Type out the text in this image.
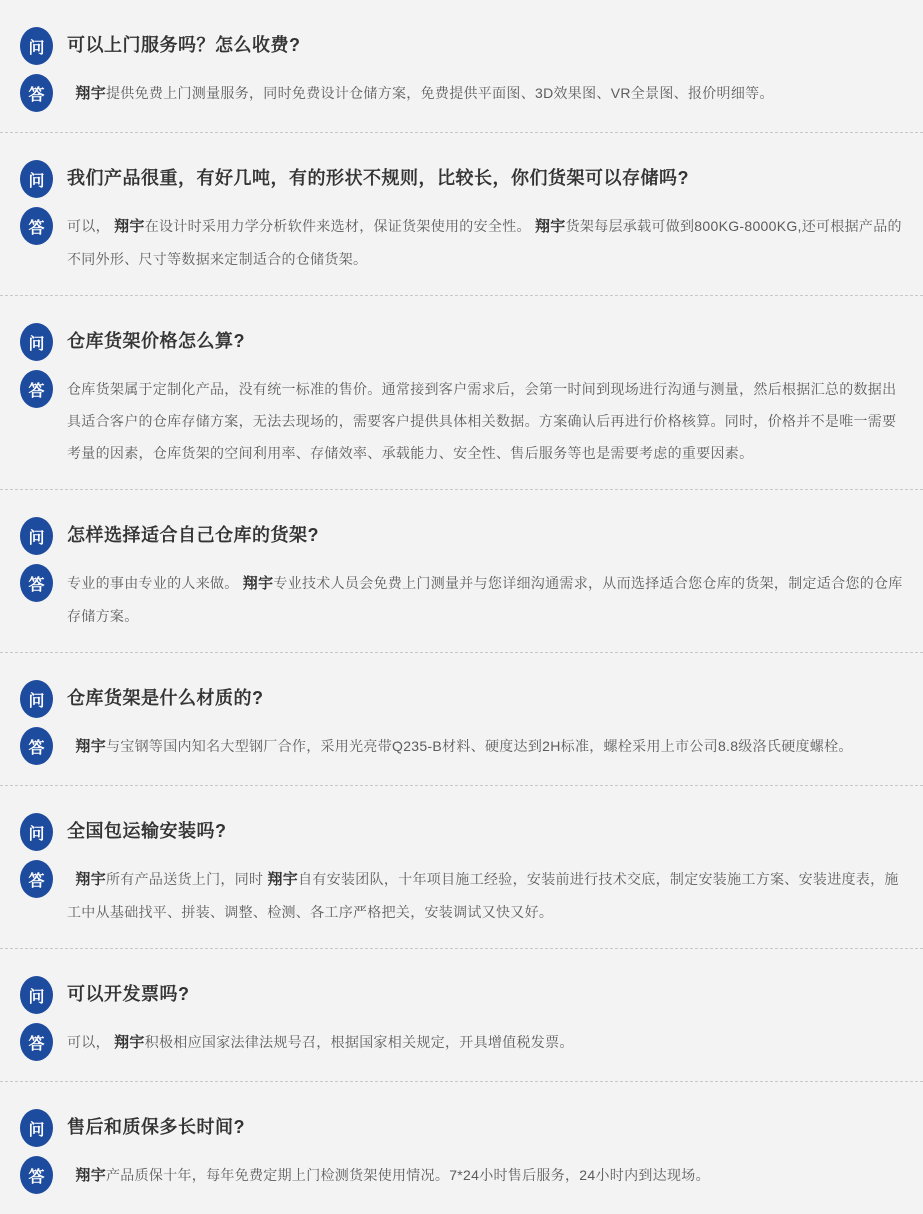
问	可以上门服务吗？怎么收费?
答	翔宇提供免费上门测量服务，同时免费设计仓储方案，免费提供平面图、3D效果图、VR全景图、报价明细等。

问	我们产品很重，有好几吨，有的形状不规则，比较长，你们货架可以存储吗?
答	可以， 翔宇在设计时采用力学分析软件来选材，保证货架使用的安全性。 翔宇货架每层承载可做到800KG-8000KG,还可根据产品的不同外形、尺寸等数据来定制适合的仓储货架。

问	仓库货架价格怎么算?
答	仓库货架属于定制化产品，没有统一标准的售价。通常接到客户需求后，会第一时间到现场进行沟通与测量，然后根据汇总的数据出具适合客户的仓库存储方案，无法去现场的，需要客户提供具体相关数据。方案确认后再进行价格核算。同时，价格并不是唯一需要考量的因素，仓库货架的空间利用率、存储效率、承载能力、安全性、售后服务等也是需要考虑的重要因素。

问	怎样选择适合自己仓库的货架?
答	专业的事由专业的人来做。 翔宇专业技术人员会免费上门测量并与您详细沟通需求，从而选择适合您仓库的货架，制定适合您的仓库存储方案。

问	仓库货架是什么材质的?
答	翔宇与宝钢等国内知名大型钢厂合作，采用光亮带Q235-B材料、硬度达到2H标准，螺栓采用上市公司8.8级洛氏硬度螺栓。

问	全国包运输安装吗?
答	翔宇所有产品送货上门，同时 翔宇自有安装团队，十年项目施工经验，安装前进行技术交底，制定安装施工方案、安装进度表，施工中从基础找平、拼装、调整、检测、各工序严格把关，安装调试又快又好。

问	可以开发票吗?
答	可以， 翔宇积极相应国家法律法规号召，根据国家相关规定，开具增值税发票。

问	售后和质保多长时间?
答	翔宇产品质保十年，每年免费定期上门检测货架使用情况。7*24小时售后服务，24小时内到达现场。
